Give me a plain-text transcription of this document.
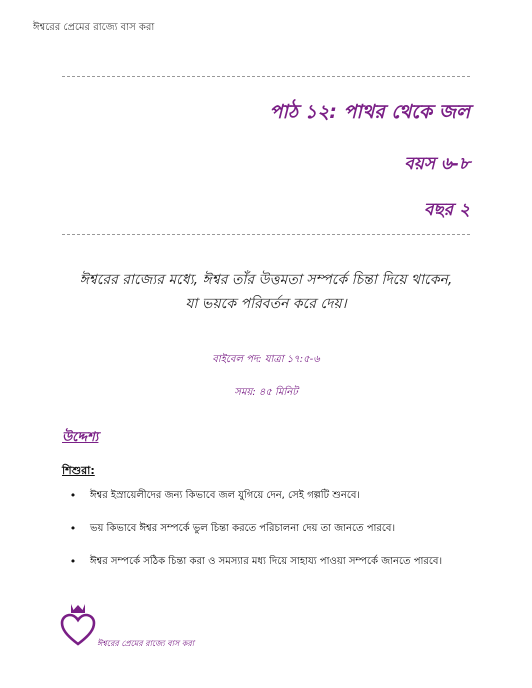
ঈশ্বরের প্রেমের রাজ্যে বাস করা
পাঠ ১২: পাথর থেকে জল
বয়স ৬-৮
বছর ২
ঈশ্বরের রাজ্যের মধ্যে, ঈশ্বর তাঁর উত্তমতা সম্পর্কে চিন্তা দিয়ে থাকেন,
যা ভয়কে পরিবর্তন করে দেয়।
বাইবেল পদ: যাত্রা ১৭:৫-৬
সময়: ৪৫ মিনিট
উদ্দেশ্য
শিশুরা:
•	ঈশ্বর ইস্রায়েলীদের জন্য কিভাবে জল যুগিয়ে দেন, সেই গল্পটি শুনবে।
•	ভয় কিভাবে ঈশ্বর সম্পর্কে ভুল চিন্তা করতে পরিচালনা দেয় তা জানতে পারবে।
•	ঈশ্বর সম্পর্কে সঠিক চিন্তা করা ও সমস্যার মধ্য দিয়ে সাহায্য পাওয়া সম্পর্কে জানতে পারবে।
ঈশ্বরের প্রেমের রাজ্যে বাস করা
